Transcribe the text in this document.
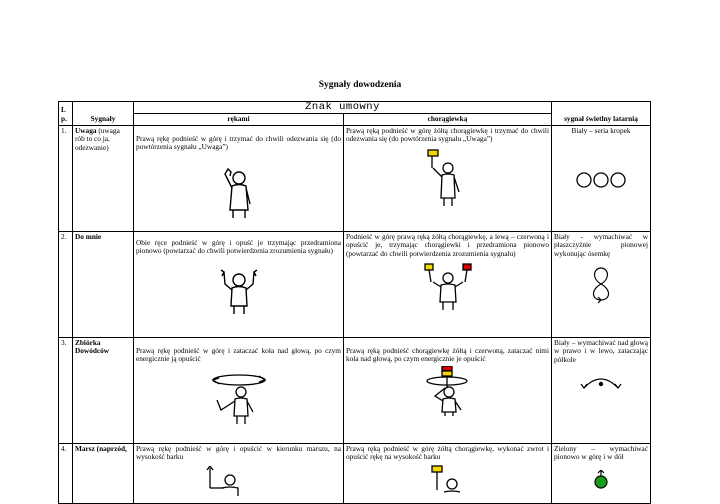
Sygnały dowodzenia
L p.	Sygnały	Znak umowny		sygnał świetlny latarnią
		rękami	chorągiewką	
1.	Uwaga (uwaga rób to co ja, odezwanie)	Prawą rękę podnieść w górę i trzymać do chwili odezwania się (do powtórzenia sygnału „Uwaga”)	Prawą ręką podnieść w górę żółtą chorągiewkę i trzymać do chwili odezwania się (do powtórzenia sygnału „Uwaga”)	Biały – seria kropek

2.	Do mnie	Obie ręce podnieść w górę i opuść je trzymając przedramiona pionowo (powtarzać do chwili potwierdzenia zrozumienia sygnału)	Podnieść w górę prawą ręką żółtą chorągiewkę, a lewą – czerwoną i opuścić je, trzymając chorągiewki i przedramiona pionowo (powtarzać do chwili potwierdzenia zrozumienia sygnału)	Biały - wymachiwać w płaszczyźnie pionowej wykonując ósemkę

3.	Zbiórka Dowódców	Prawą rękę podnieść w górę i zataczać koła nad głową, po czym energicznie ją opuścić	Prawą ręką podnieść chorągiewkę żółtą i czerwoną, zataczać nimi koła nad głową, po czym energicznie je opuścić	Biały – wymachiwać nad głową w prawo i w lewo, zataczając półkole

4.	Marsz (naprzód,	Prawą rękę podnieść w górę i opuścić w kierunku marszu, na wysokość barku	Prawą ręką podnieść w górę żółtą chorągiewkę, wykonać zwrot i opuścić rękę na wysokość barku	Zielony – wymachiwać pionowo w górę i w dół
